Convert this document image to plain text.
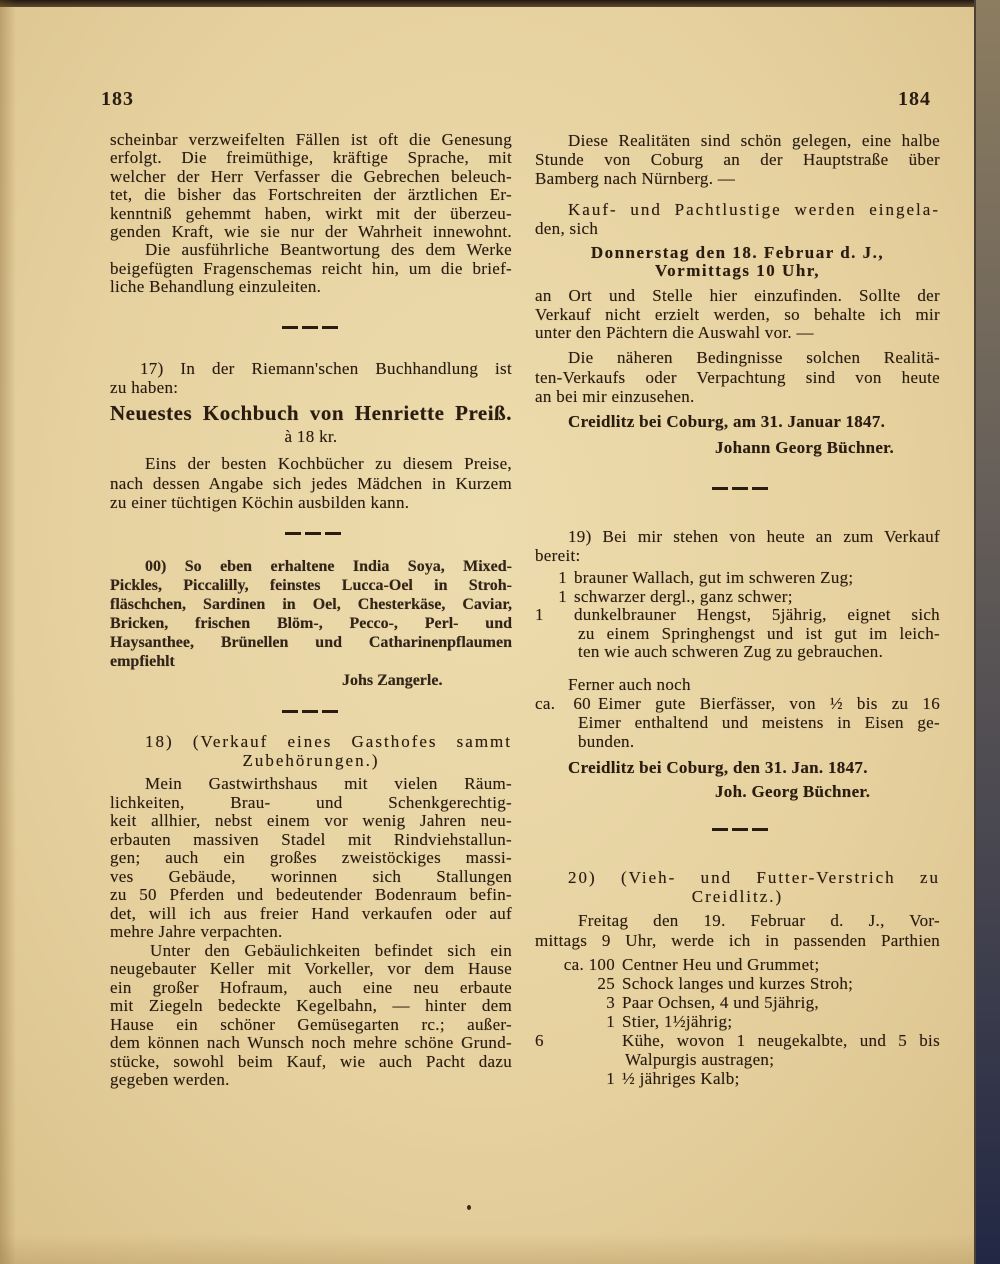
183	184
scheinbar verzweifelten Fällen ist oft die Genesung
erfolgt. Die freimüthige, kräftige Sprache, mit
welcher der Herr Verfasser die Gebrechen beleuch-
tet, die bisher das Fortschreiten der ärztlichen Er-
kenntniß gehemmt haben, wirkt mit der überzeu-
genden Kraft, wie sie nur der Wahrheit innewohnt.
Die ausführliche Beantwortung des dem Werke
beigefügten Fragenschemas reicht hin, um die brief-
liche Behandlung einzuleiten.
17) In der Riemann'schen Buchhandlung ist
zu haben:
Neuestes Kochbuch von Henriette Preiß.
à 18 kr.
Eins der besten Kochbücher zu diesem Preise,
nach dessen Angabe sich jedes Mädchen in Kurzem
zu einer tüchtigen Köchin ausbilden kann.
00) So eben erhaltene India Soya, Mixed-
Pickles, Piccalilly, feinstes Lucca-Oel in Stroh-
fläschchen, Sardinen in Oel, Chesterkäse, Caviar,
Bricken, frischen Blöm-, Pecco-, Perl- und
Haysanthee, Brünellen und Catharinenpflaumen
empfiehlt
Johs Zangerle.
18) (Verkauf eines Gasthofes sammt
Zubehörungen.)
Mein Gastwirthshaus mit vielen Räum-
lichkeiten, Brau- und Schenkgerechtig-
keit allhier, nebst einem vor wenig Jahren neu-
erbauten massiven Stadel mit Rindviehstallun-
gen; auch ein großes zweistöckiges massi-
ves Gebäude, worinnen sich Stallungen
zu 50 Pferden und bedeutender Bodenraum befin-
det, will ich aus freier Hand verkaufen oder auf
mehre Jahre verpachten.
Unter den Gebäulichkeiten befindet sich ein
neugebauter Keller mit Vorkeller, vor dem Hause
ein großer Hofraum, auch eine neu erbaute
mit Ziegeln bedeckte Kegelbahn, — hinter dem
Hause ein schöner Gemüsegarten rc.; außer-
dem können nach Wunsch noch mehre schöne Grund-
stücke, sowohl beim Kauf, wie auch Pacht dazu
gegeben werden.
Diese Realitäten sind schön gelegen, eine halbe
Stunde von Coburg an der Hauptstraße über
Bamberg nach Nürnberg. —
Kauf- und Pachtlustige werden eingela-
den, sich
Donnerstag den 18. Februar d. J.,
Vormittags 10 Uhr,
an Ort und Stelle hier einzufinden. Sollte der
Verkauf nicht erzielt werden, so behalte ich mir
unter den Pächtern die Auswahl vor. —
Die näheren Bedingnisse solchen Realitä-
ten-Verkaufs oder Verpachtung sind von heute
an bei mir einzusehen.
Creidlitz bei Coburg, am 31. Januar 1847.
Johann Georg Büchner.
19) Bei mir stehen von heute an zum Verkauf
bereit:
1 brauner Wallach, gut im schweren Zug;
1 schwarzer dergl., ganz schwer;
1 dunkelbrauner Hengst, 5jährig, eignet sich
zu einem Springhengst und ist gut im leich-
ten wie auch schweren Zug zu gebrauchen.
Ferner auch noch
ca. 60 Eimer gute Bierfässer, von ½ bis zu 16
Eimer enthaltend und meistens in Eisen ge-
bunden.
Creidlitz bei Coburg, den 31. Jan. 1847.
Joh. Georg Büchner.
20) (Vieh- und Futter-Verstrich zu
Creidlitz.)
Freitag den 19. Februar d. J., Vor-
mittags 9 Uhr, werde ich in passenden Parthien
ca. 100 Centner Heu und Grummet;
25 Schock langes und kurzes Stroh;
3 Paar Ochsen, 4 und 5jährig,
1 Stier, 1½jährig;
6	Kühe, wovon 1 neugekalbte, und 5 bis
Walpurgis austragen;
1 ½ jähriges Kalb;
